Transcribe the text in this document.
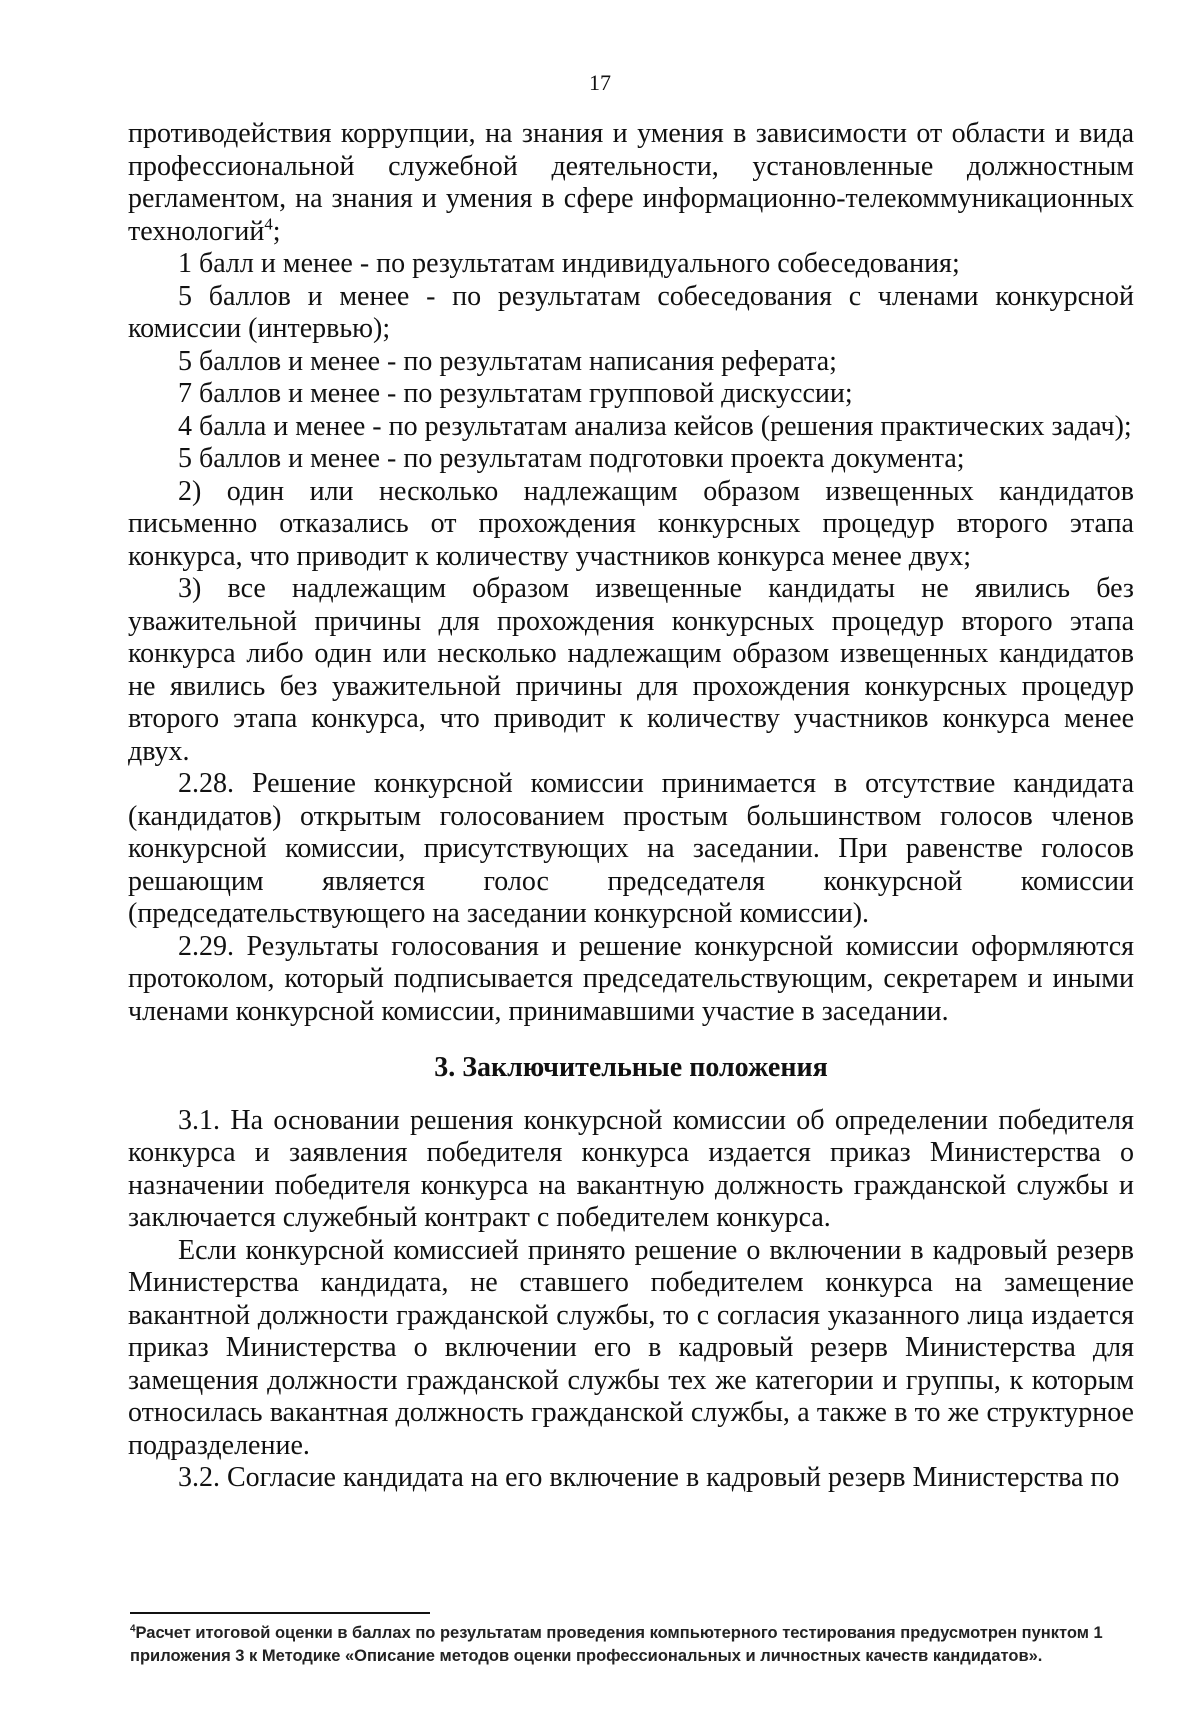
17

противодействия коррупции, на знания и умения в зависимости от области и вида профессиональной служебной деятельности, установленные должностным регламентом, на знания и умения в сфере информационно-телекоммуникационных технологий$^4$;

1 балл и менее - по результатам индивидуального собеседования;

5 баллов и менее - по результатам собеседования с членами конкурсной комиссии (интервью);

5 баллов и менее - по результатам написания реферата;

7 баллов и менее - по результатам групповой дискуссии;

4 балла и менее - по результатам анализа кейсов (решения практических задач);

5 баллов и менее - по результатам подготовки проекта документа;

2) один или несколько надлежащим образом извещенных кандидатов письменно отказались от прохождения конкурсных процедур второго этапа конкурса, что приводит к количеству участников конкурса менее двух;

3) все надлежащим образом извещенные кандидаты не явились без уважительной причины для прохождения конкурсных процедур второго этапа конкурса либо один или несколько надлежащим образом извещенных кандидатов не явились без уважительной причины для прохождения конкурсных процедур второго этапа конкурса, что приводит к количеству участников конкурса менее двух.

2.28. Решение конкурсной комиссии принимается в отсутствие кандидата (кандидатов) открытым голосованием простым большинством голосов членов конкурсной комиссии, присутствующих на заседании. При равенстве голосов решающим является голос председателя конкурсной комиссии (председательствующего на заседании конкурсной комиссии).

2.29. Результаты голосования и решение конкурсной комиссии оформляются протоколом, который подписывается председательствующим, секретарем и иными членами конкурсной комиссии, принимавшими участие в заседании.

3. Заключительные положения

3.1. На основании решения конкурсной комиссии об определении победителя конкурса и заявления победителя конкурса издается приказ Министерства о назначении победителя конкурса на вакантную должность гражданской службы и заключается служебный контракт с победителем конкурса.

Если конкурсной комиссией принято решение о включении в кадровый резерв Министерства кандидата, не ставшего победителем конкурса на замещение вакантной должности гражданской службы, то с согласия указанного лица издается приказ Министерства о включении его в кадровый резерв Министерства для замещения должности гражданской службы тех же категории и группы, к которым относилась вакантная должность гражданской службы, а также в то же структурное подразделение.

3.2. Согласие кандидата на его включение в кадровый резерв Министерства по

$^4$Расчет итоговой оценки в баллах по результатам проведения компьютерного тестирования предусмотрен пунктом 1 приложения 3 к Методике «Описание методов оценки профессиональных и личностных качеств кандидатов».
